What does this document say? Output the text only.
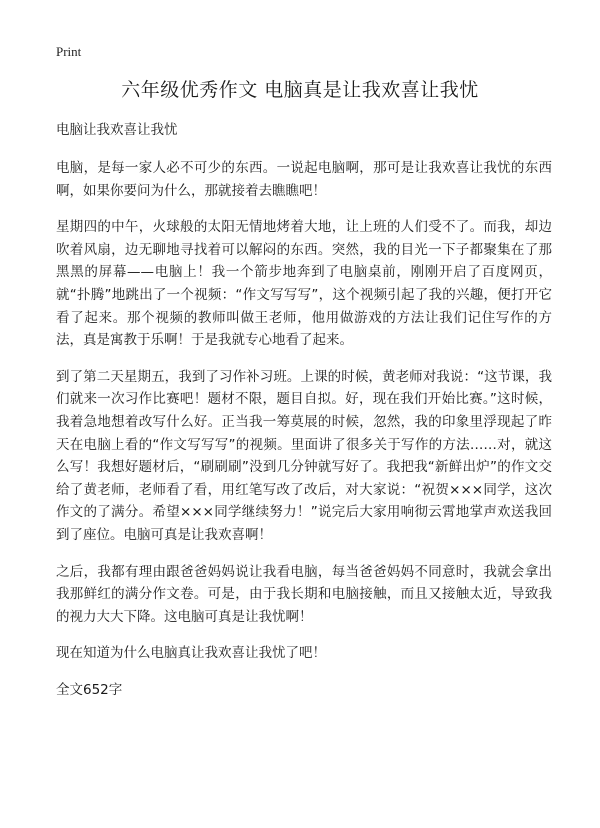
Print
六年级优秀作文 电脑真是让我欢喜让我忧

电脑让我欢喜让我忧

电脑，是每一家人必不可少的东西。一说起电脑啊，那可是让我欢喜让我忧的东西啊，如果你要问为什么，那就接着去瞧瞧吧！

星期四的中午，火球般的太阳无情地烤着大地，让上班的人们受不了。而我，却边吹着风扇，边无聊地寻找着可以解闷的东西。突然，我的目光一下子都聚集在了那黑黑的屏幕——电脑上！我一个箭步地奔到了电脑桌前，刚刚开启了百度网页，就“扑腾”地跳出了一个视频：“作文写写写”，这个视频引起了我的兴趣，便打开它看了起来。那个视频的教师叫做王老师，他用做游戏的方法让我们记住写作的方法，真是寓教于乐啊！于是我就专心地看了起来。

到了第二天星期五，我到了习作补习班。上课的时候，黄老师对我说：“这节课，我们就来一次习作比赛吧！题材不限，题目自拟。好，现在我们开始比赛。”这时候，我着急地想着改写什么好。正当我一筹莫展的时候，忽然，我的印象里浮现起了昨天在电脑上看的“作文写写写”的视频。里面讲了很多关于写作的方法……对，就这么写！我想好题材后，“刷刷刷”没到几分钟就写好了。我把我“新鲜出炉”的作文交给了黄老师，老师看了看，用红笔写改了改后，对大家说：“祝贺×××同学，这次作文的了满分。希望×××同学继续努力！”说完后大家用响彻云霄地掌声欢送我回到了座位。电脑可真是让我欢喜啊！

之后，我都有理由跟爸爸妈妈说让我看电脑，每当爸爸妈妈不同意时，我就会拿出我那鲜红的满分作文卷。可是，由于我长期和电脑接触，而且又接触太近，导致我的视力大大下降。这电脑可真是让我忧啊！

现在知道为什么电脑真让我欢喜让我忧了吧！

全文652字
